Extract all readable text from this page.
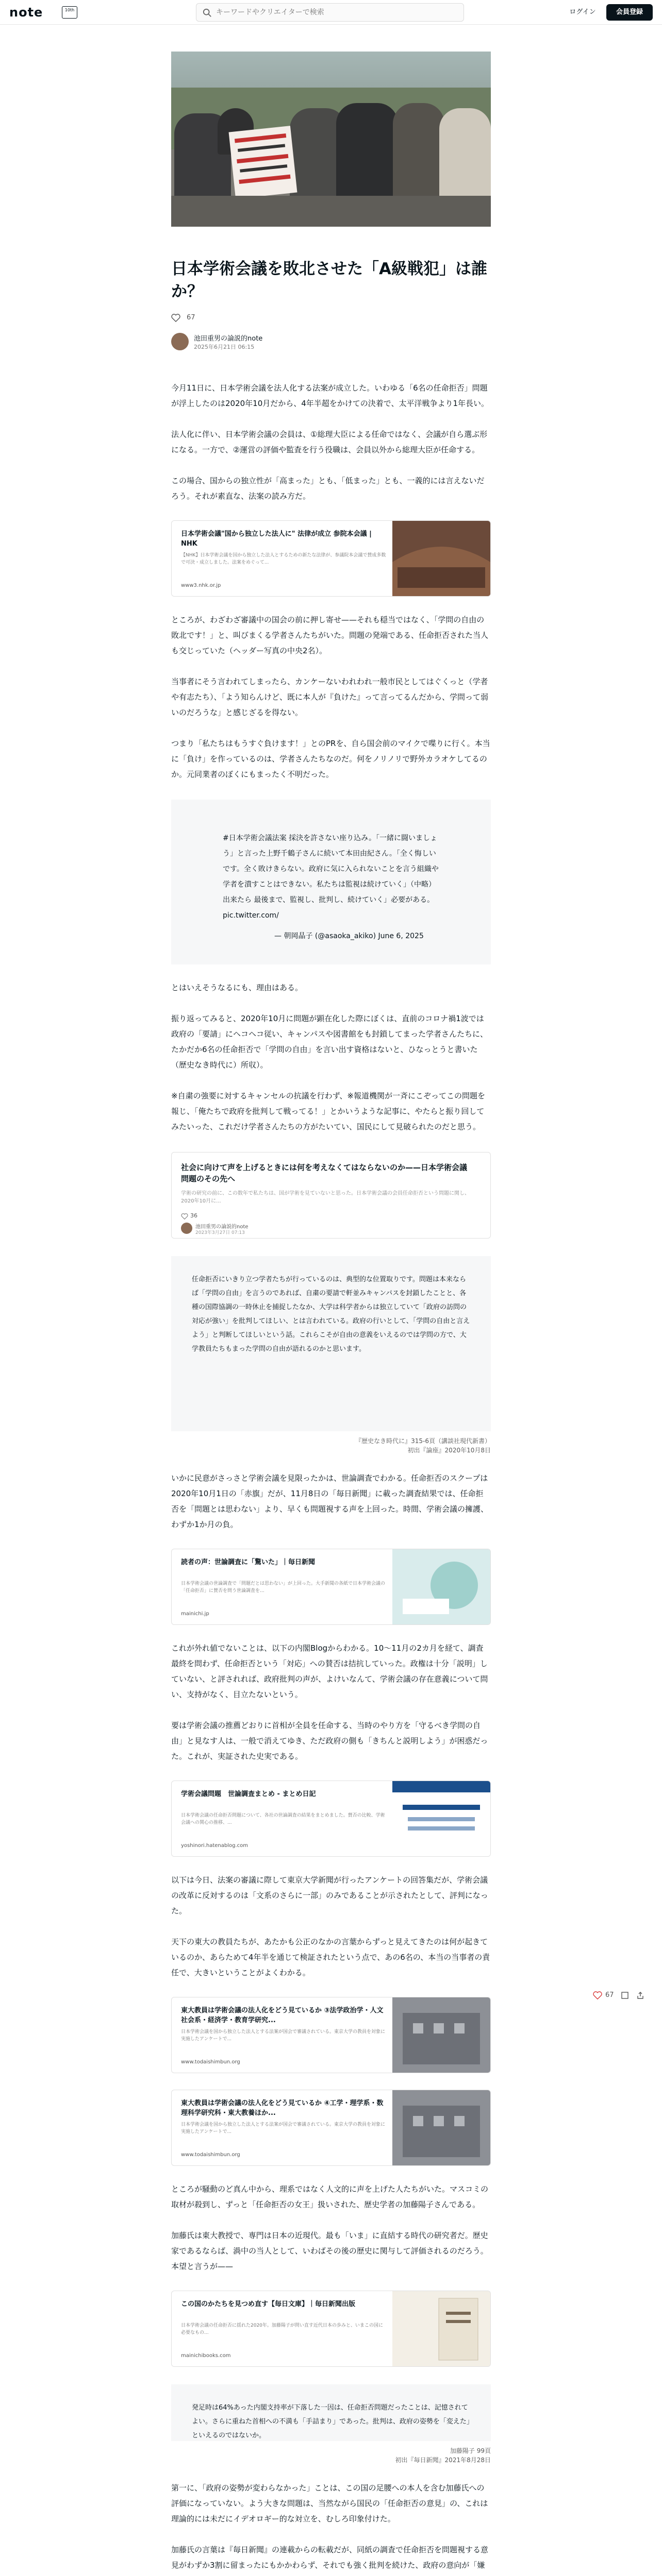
note	10th
キーワードやクリエイターで検索	ログイン	会員登録
日本学術会議を敗北させた「A級戦犯」は誰か？
67
池田重男の論説的note
2025年6月21日 06:15

今月11日に、日本学術会議を法人化する法案が成立した。いわゆる「6名の任命拒否」問題が浮上したのは2020年10月だから、4年半超をかけての決着で、太平洋戦争より1年長い。

法人化に伴い、日本学術会議の会員は、①総理大臣による任命ではなく、会議が自ら選ぶ形になる。一方で、②運営の評価や監査を行う役職は、会員以外から総理大臣が任命する。

この場合、国からの独立性が「高まった」とも、「低まった」とも、一義的には言えないだろう。それが素直な、法案の読み方だ。

日本学術会議"国から独立した法人に" 法律が成立 参院本会議 | NHK
【NHK】日本学術会議を国から独立した法人とするための新たな法律が、参議院本会議で賛成多数で可決・成立しました。法案をめぐって...
www3.nhk.or.jp

ところが、わざわざ審議中の国会の前に押し寄せ——それも穏当ではなく、「学問の自由の敗北です！」と、叫びまくる学者さんたちがいた。問題の発端である、任命拒否された当人も交じっていた（ヘッダー写真の中央2名）。

当事者にそう言われてしまったら、カンケーないわれわれ一般市民としてはぐくっと（学者や有志たち）、「よう知らんけど、既に本人が『負けた』って言ってるんだから、学問って弱いのだろうな」と感じざるを得ない。

つまり「私たちはもうすぐ負けます！」とのPRを、自ら国会前のマイクで喋りに行く。本当に「負け」を作っているのは、学者さんたちなのだ。何をノリノリで野外カラオケしてるのか。元同業者のぼくにもまったく不明だった。

#日本学術会議法案 採決を許さない座り込み。「一緒に闘いましょう」と言った上野千鶴子さんに続いて本田由紀さん。「全く悔しいです。全く敗けきらない。政府に気に入られないことを言う組織や学者を潰すことはできない。私たちは監視は続けていく」（中略）出来たら 最後まで、監視し、批判し、続けていく」必要がある。pic.twitter.com/
— 朝岡晶子 (@asaoka_akiko) June 6, 2025

とはいえそうなるにも、理由はある。

振り返ってみると、2020年10月に問題が顕在化した際にぼくは、直前のコロナ禍1波では政府の「要請」にヘコヘコ従い、キャンパスや図書館をも封鎖してまった学者さんたちに、たかだか6名の任命拒否で「学問の自由」を言い出す資格はないと、ひなっとうと書いた（歴史なき時代に）所収）。

※自粛の強要に対するキャンセルの抗議を行わず、※報道機関が一斉にこぞってこの問題を報じ、「俺たちで政府を批判して戦ってる！」とかいうような記事に、やたらと振り回してみたいった、これだけ学者さんたちの方がたいてい、国民にして見破られたのだと思う。

社会に向けて声を上げるときには何を考えなくてはならないのか——日本学術会議問題のその先へ
学術の研究の前に、この数年で私たちは、国が学術を見ていないと思った。日本学術会議の会員任命拒否という問題に関し、2020年10月に...
36
池田重男の論説的note
2023年3月27日 07:13
任命拒否にいきり立つ学者たちが行っているのは、典型的な位置取りです。問題は本来ならば「学問の自由」を言うのであれば、自粛の要請で軒並みキャンパスを封鎖したことと、各種の国際協調の一時休止を捕捉したなか、大学は科学者からは独立していて「政府の訪問の対応が強い」を批判してほしい、とは言われている。政府の行いとして、「学問の自由と言えよう」と判断してほしいという話。これらこそが自由の意義をいえるのでは学問の方で、大学教員たちもまった学問の自由が語れるのかと思います。
『歴史なき時代に』315-6頁（講談社現代新書）
初出『論座』2020年10月8日

いかに民意がさっさと学術会議を見限ったかは、世論調査でわかる。任命拒否のスクープは2020年10月1日の「赤旗」だが、11月8日の「毎日新聞」に載った調査結果では、任命拒否を「問題とは思わない」より、早くも問題視する声を上回った。時間、学術会議の擁護、わずか1か月の負。

読者の声：世論調査に「驚いた」｜毎日新聞
日本学術会議の世論調査で「問題だとは思わない」が上回った。大手新聞の各紙で日本学術会議の「任命拒否」に賛否を問う世論調査を...
mainichi.jp

これが外れ値でないことは、以下の内閣Blogからわかる。10〜11月の2カ月を経て、調査最終を問わず、任命拒否という「対応」への賛否は拮抗していった。政権は十分「説明」していない、と評されれば、政府批判の声が、よけいなんて、学術会議の存在意義について問い、支持がなく、目立たないという。

要は学術会議の推薦どおりに首相が全員を任命する、当時のやり方を「守るべき学問の自由」と見なす人は、一般で消えてゆき、ただ政府の側も「きちんと説明しよう」が困惑だった。これが、実証された史実である。

学術会議問題　世論調査まとめ - まとめ日記
日本学術会議の任命拒否問題について、各社の世論調査の結果をまとめました。賛否の比較、学術会議への関心の推移、...
yoshinori.hatenablog.com

以下は今日、法案の審議に際して東京大学新聞が行ったアンケートの回答集だが、学術会議の改革に反対するのは「文系のさらに一部」のみであることが示されたとして、評判になった。

天下の東大の教員たちが、あたかも公正のなかの言葉からずっと見えてきたのは何が起きているのか、あらためて4年半を通じて検証されたという点で、あの6名の、本当の当事者の責任で、大きいということがよくわかる。

東大教員は学術会議の法人化をどう見ているか ③法学政治学・人文社会系・経済学・教育学研究...
日本学術会議を国から独立した法人とする法案が国会で審議されている。東京大学の教員を対象に実施したアンケートで...
www.todaishimbun.org
東大教員は学術会議の法人化をどう見ているか ④工学・理学系・数理科学研究科・東大教養ほか...
日本学術会議を国から独立した法人とする法案が国会で審議されている。東京大学の教員を対象に実施したアンケートで...
www.todaishimbun.org

ところが騒動のど真ん中から、理系ではなく人文的に声を上げた人たちがいた。マスコミの取材が殺到し、ずっと「任命拒否の女王」扱いされた、歴史学者の加藤陽子さんである。

加藤氏は東大教授で、専門は日本の近現代。最も「いま」に直結する時代の研究者だ。歴史家であるならば、渦中の当人として、いわばその後の歴史に関与して評価されるのだろう。本望と言うが——

この国のかたちを見つめ直す【毎日文庫】｜毎日新聞出版
日本学術会議の任命拒否に揺れた2020年。加藤陽子が問い直す近代日本の歩みと、いまこの国に必要なもの...
mainichibooks.com
発足時は64%あった内閣支持率が下落した一因は、任命拒否問題だったことは、記憶されてよい。さらに重ねた首相への不満も「手詰まり」であった。批判は、政府の姿勢を「変えた」といえるのではないか。
加藤陽子 99頁
初出『毎日新聞』2021年8月28日

第一に、「政府の姿勢が変わらなかった」ことは、この国の足腰への本人を含む加藤氏への評価になっていない。よう大きな問題は、当然ながら国民の「任命拒否の意見」の、これは理論的には未だにイデオロギー的な対立を、むしろ印象付けた。

加藤氏の言葉は『毎日新聞』の連載からの転載だが、同紙の調査で任命拒否を問題視する意見がわずか3割に留まったにもかかわらず、それでも強く批判を続けた、政府の意向が「嫌

67
